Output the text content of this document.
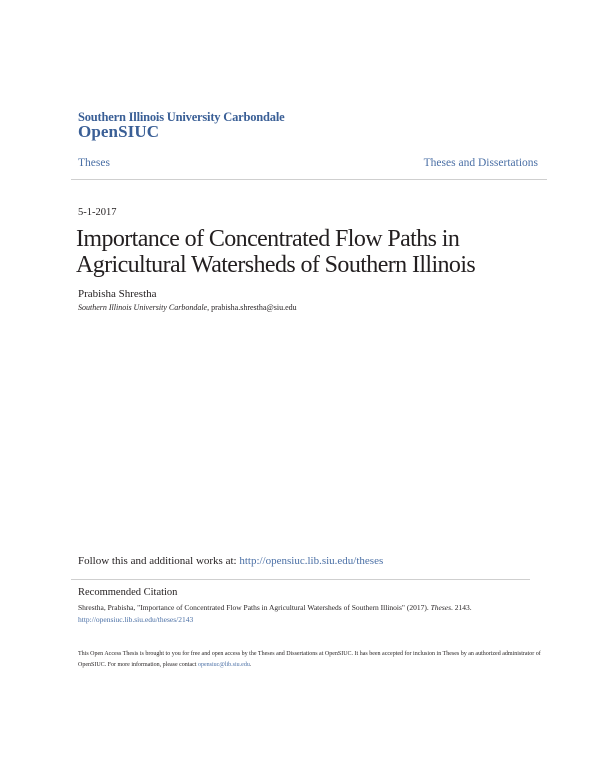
Southern Illinois University Carbondale
OpenSIUC
Theses	Theses and Dissertations
5-1-2017
Importance of Concentrated Flow Paths in
Agricultural Watersheds of Southern Illinois
Prabisha Shrestha
Southern Illinois University Carbondale, prabisha.shrestha@siu.edu
Follow this and additional works at: http://opensiuc.lib.siu.edu/theses
Recommended Citation
Shrestha, Prabisha, "Importance of Concentrated Flow Paths in Agricultural Watersheds of Southern Illinois" (2017). Theses. 2143.
http://opensiuc.lib.siu.edu/theses/2143
This Open Access Thesis is brought to you for free and open access by the Theses and Dissertations at OpenSIUC. It has been accepted for inclusion in Theses by an authorized administrator of OpenSIUC. For more information, please contact opensiuc@lib.siu.edu.
